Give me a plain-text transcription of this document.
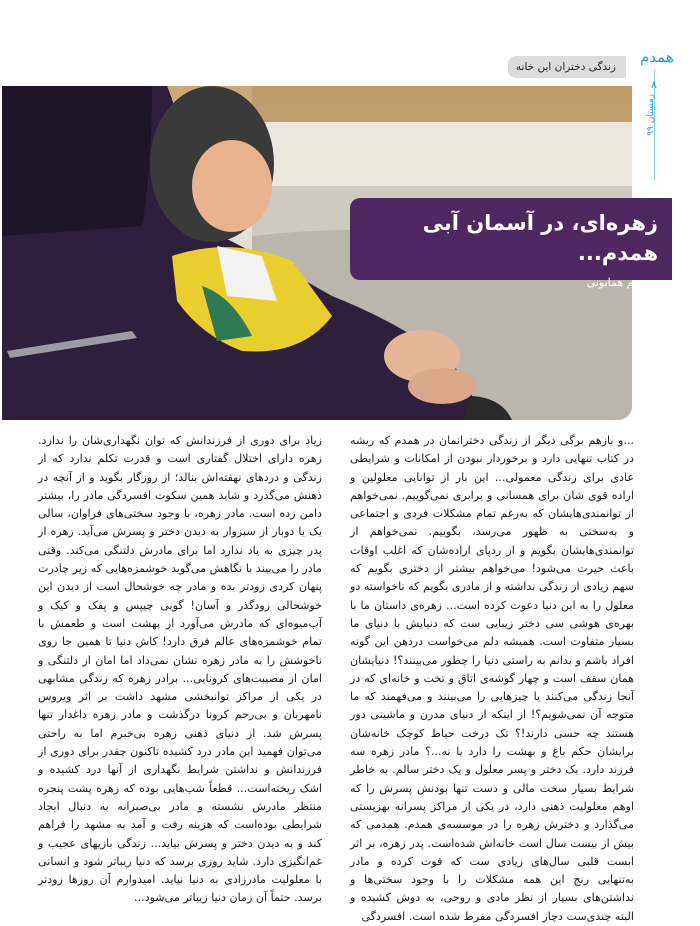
همدم
۸
زمستان ۹۹
زندگی دختران این خانه
زهره‌ای، در آسمان آبی همدم...
مریم همایونی

...و بازهم برگی دیگر از زندگی دخترانمان در همدم که ریشه در کتاب تنهایی دارد و برخوردار نبودن از امکانات و شرایطی عادی برای زندگی معمولی... این بار از توانایی معلولین و اراده قوی شان برای همسانی و برابری نمی‌گوییم. نمی‌خواهم از توانمندی‌هایشان که به‌رغم تمام مشکلات فردی و اجتماعی و به‌سختی به ظهور می‌رسد، بگوییم. نمی‌خواهم از توانمندی‌هایشان بگویم و از ردپای اراده‌شان که اغلب اوقات باعث حیرت می‌شود! می‌خواهم بیشتر از دختری بگویم که سهم زیادی از زندگی نداشته و از مادری بگویم که ناخواسته دو معلول را به این دنیا دعوت کرده است... زهره‌ی داستان ما با بهره‌ی هوشی سی دختر زیبایی ست که دنیایش با دنیای ما بسیار متفاوت است. همیشه دلم می‌خواست درذهن این گونه افراد باشم و بدانم به راستی دنیا را چطور می‌بینند؟! دنیایشان همان سقف است و چهار گوشه‌ی اتاق و تخت و خانه‌ای که در آنجا زندگی می‌کنند یا چیزهایی را می‌بینند و می‌فهمند که ما متوجه آن نمی‌شویم؟! از اینکه از دنیای مدرن و ماشینی دور هستند چه حسی دارند!؟ تک درخت حیاط کوچک خانه‌شان برایشان حکم باغ و بهشت را دارد یا نه...؟ مادر زهره سه فرزند دارد. یک دختر و پسر معلول و یک دختر سالم. به خاطر شرایط بسیار سخت مالی و دست تنها بودنش پسرش را که اوهم معلولیت ذهنی دارد، در یکی از مراکز پسرانه بهزیستی می‌گذارد و دخترش زهره را در موسسه‌ی همدم. همدمی که بیش از بیست سال است خانه‌اش شده‌است. پدر زهره، بر اثر ابست قلبی سال‌های زیادی ست که فوت کرده و مادر به‌تنهایی رنج این همه مشکلات را با وجود سختی‌ها و نداشتن‌های بسیار از نظر مادی و روحی، به دوش کشیده و البته چندی‌ست دچار افسردگی مفرط شده است. افسردگی

زیاد برای دوری از فرزندانش که توان نگهداری‌شان را ندارد. زهره دارای اختلال گفتاری است و قدرت تکلم ندارد که از زندگی و دردهای نهفته‌اش بنالد؛ از روزگار بگوید و از آنچه در ذهنش می‌گذرد و شاید همین سکوت افسردگی مادر را، بیشتر دامن زده است. مادر زهره، با وجود سختی‌های فراوان، سالی یک یا دوبار از سبزوار به دیدن دختر و پسرش می‌آید. زهره از پدر چیزی به یاد ندارد اما برای مادرش دلتنگی می‌کند. وقتی مادر را می‌بیند با نگاهش می‌گوید خوشمزه‌هایی که زیر چادرت پنهان کردی زودتر بده و مادر چه خوشحال است از دیدن این خوشحالی زودگذر و آسان! گویی چیپس و پفک و کیک و آب‌میوه‌ای که مادرش می‌آورد از بهشت است و طعمش با تمام خوشمزه‌های عالم فرق دارد! کاش دنیا تا همین جا روی ناخوشش را به مادر زهره نشان نمی‌داد اما امان از دلتنگی و امان از مصیبت‌های کرونایی... برادر زهره که زندگی مشابهی در یکی از مراکز توانبخشی مشهد داشت بر اثر ویروس نامهربان و بی‌رحم کرونا درگذشت و مادر زهره داغدار تنها پسرش شد. از دنیای ذهنی زهره بی‌خبرم اما به راحتی می‌توان فهمید این مادر درد کشیده تاکنون چقدر برای دوری از فرزندانش و نداشتن شرایط نگهداری از آنها درد کشیده و اشک ریخته‌است... قطعاً شب‌هایی بوده که زهره پشت پنجره منتظر مادرش نشسته و مادر بی‌صبرانه به دنبال ایجاد شرایطی بوده‌است که هزینه رفت و آمد به مشهد را فراهم کند و به دیدن دختر و پسرش بیاید... زندگی بازیهای عجیب و غم‌انگیزی دارد. شاید روزی برسد که دنیا زیباتر شود و انسانی با معلولیت مادرزادی به دنیا نیاید. امیدوارم آن روزها زودتر برسد. حتماً آن زمان دنیا زیباتر می‌شود...
